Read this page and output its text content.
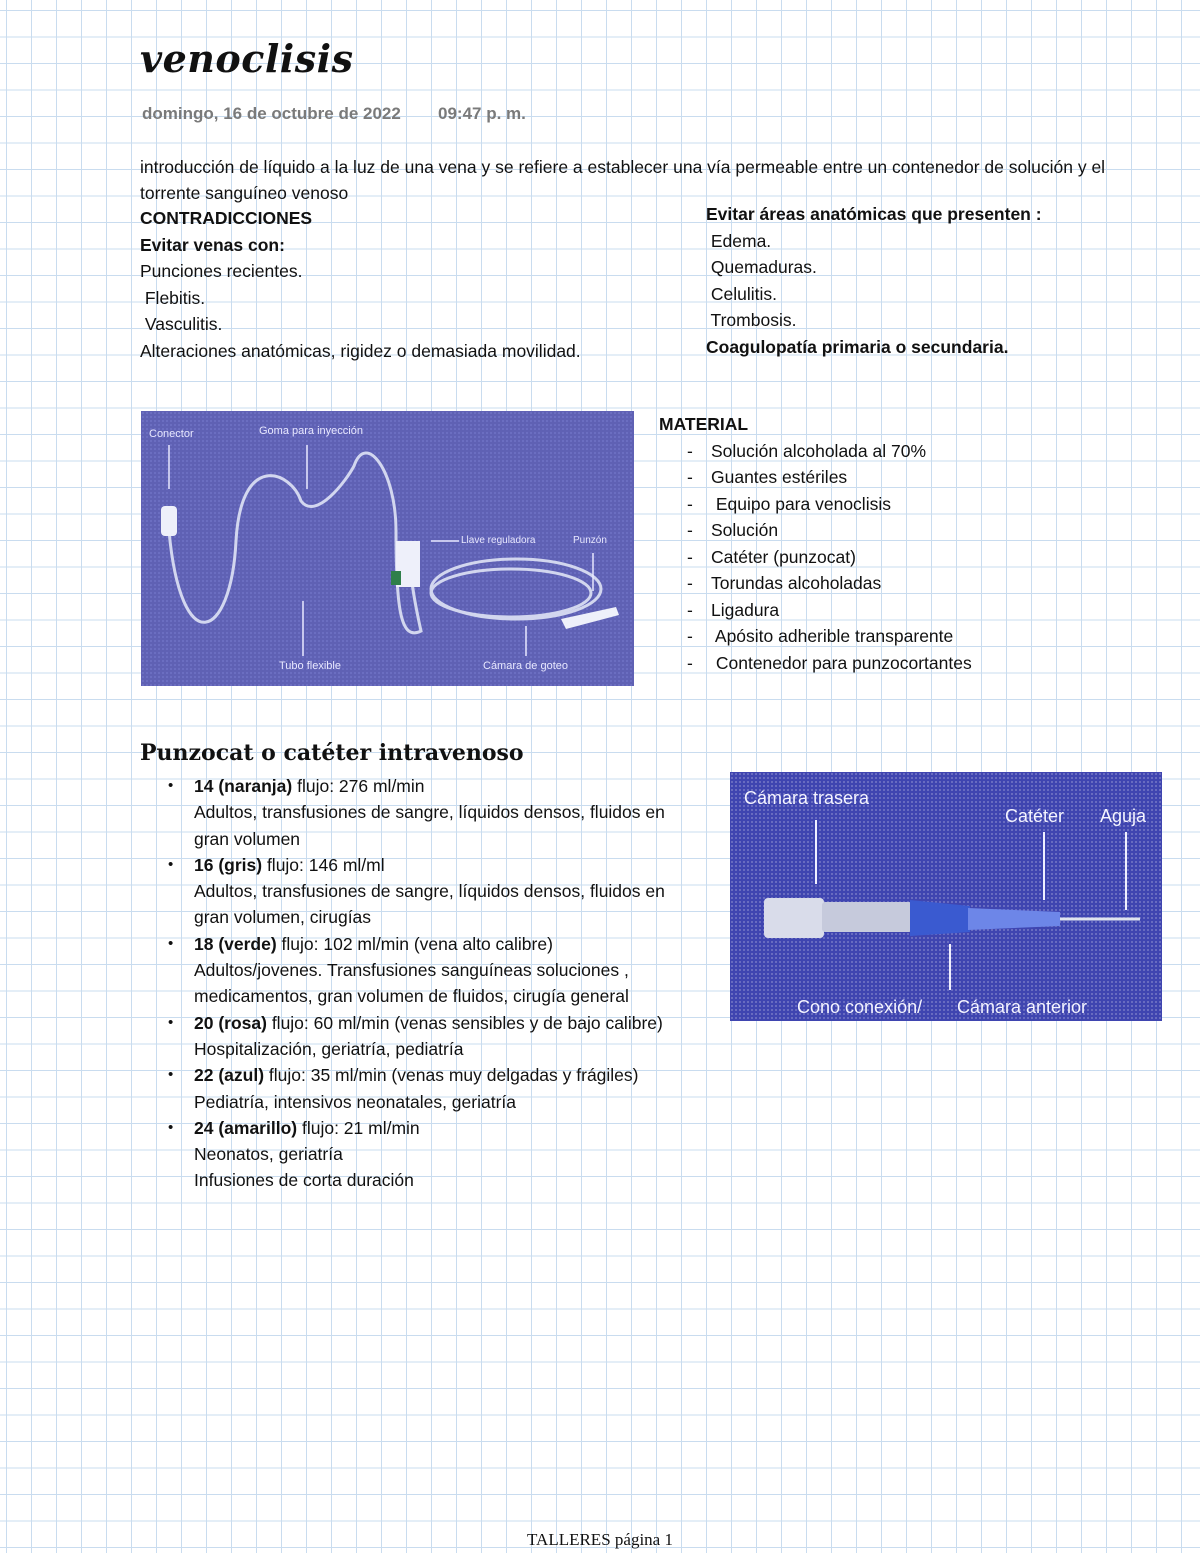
venoclisis
domingo, 16 de octubre de 2022 09:47 p. m.
introducción de líquido a la luz de una vena y se refiere a establecer una vía permeable entre un contenedor de solución y el torrente sanguíneo venoso
CONTRADICCIONES
Evitar venas con:
Punciones recientes.
Flebitis.
Vasculitis.
Alteraciones anatómicas, rigidez o demasiada movilidad.
Evitar áreas anatómicas que presenten :
Edema.
Quemaduras.
Celulitis.
Trombosis.
Coagulopatía primaria o secundaria.
Conector	Goma para inyección
Llave reguladora	Punzón
Tubo flexible	Cámara de goteo
MATERIAL
- Solución alcoholada al 70%
- Guantes estériles
- Equipo para venoclisis
- Solución
- Catéter (punzocat)
- Torundas alcoholadas
- Ligadura
- Apósito adherible transparente
- Contenedor para punzocortantes
Punzocat o catéter intravenoso
• 14 (naranja) flujo: 276 ml/min
Adultos, transfusiones de sangre, líquidos densos, fluidos en gran volumen
• 16 (gris) flujo: 146 ml/ml
Adultos, transfusiones de sangre, líquidos densos, fluidos en gran volumen, cirugías
• 18 (verde) flujo: 102 ml/min (vena alto calibre)
Adultos/jovenes. Transfusiones sanguíneas soluciones , medicamentos, gran volumen de fluidos, cirugía general
• 20 (rosa) flujo: 60 ml/min (venas sensibles y de bajo calibre)
Hospitalización, geriatría, pediatría
• 22 (azul) flujo: 35 ml/min (venas muy delgadas y frágiles)
Pediatría, intensivos neonatales, geriatría
• 24 (amarillo) flujo: 21 ml/min
Neonatos, geriatría
Infusiones de corta duración
Cámara trasera
Catéter Aguja
Cono conexión/ Cámara anterior
TALLERES página 1
